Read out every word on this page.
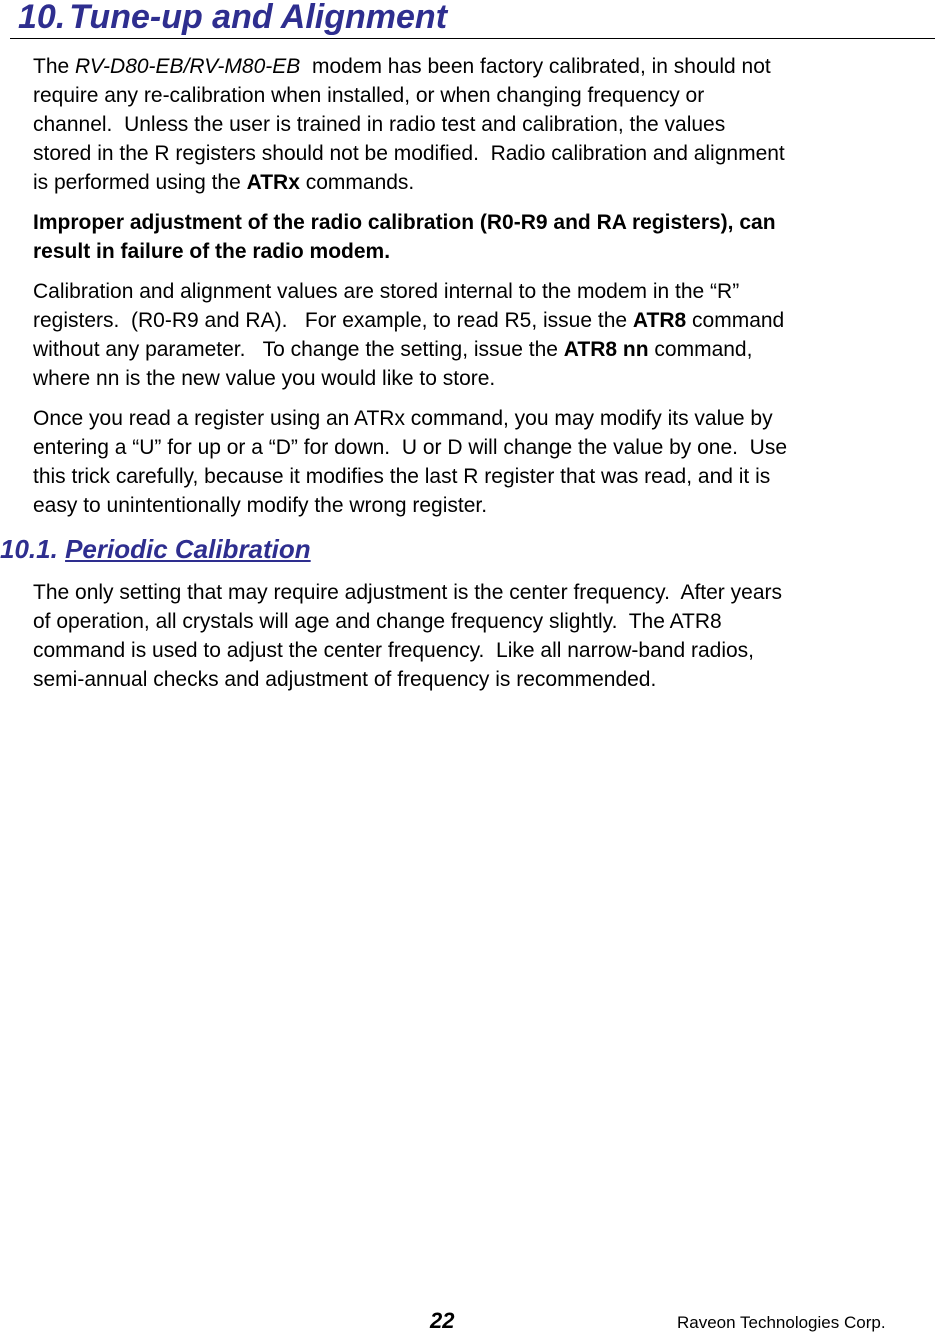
10. Tune-up and Alignment

The RV-D80-EB/RV-M80-EB  modem has been factory calibrated, in should not
require any re-calibration when installed, or when changing frequency or
channel.  Unless the user is trained in radio test and calibration, the values
stored in the R registers should not be modified.  Radio calibration and alignment
is performed using the ATRx commands.

Improper adjustment of the radio calibration (R0-R9 and RA registers), can
result in failure of the radio modem.

Calibration and alignment values are stored internal to the modem in the “R”
registers.  (R0-R9 and RA).   For example, to read R5, issue the ATR8 command
without any parameter.   To change the setting, issue the ATR8 nn command,
where nn is the new value you would like to store.

Once you read a register using an ATRx command, you may modify its value by
entering a “U” for up or a “D” for down.  U or D will change the value by one.  Use
this trick carefully, because it modifies the last R register that was read, and it is
easy to unintentionally modify the wrong register.

10.1. Periodic Calibration

The only setting that may require adjustment is the center frequency.  After years
of operation, all crystals will age and change frequency slightly.  The ATR8
command is used to adjust the center frequency.  Like all narrow-band radios,
semi-annual checks and adjustment of frequency is recommended.

22	Raveon Technologies Corp.
